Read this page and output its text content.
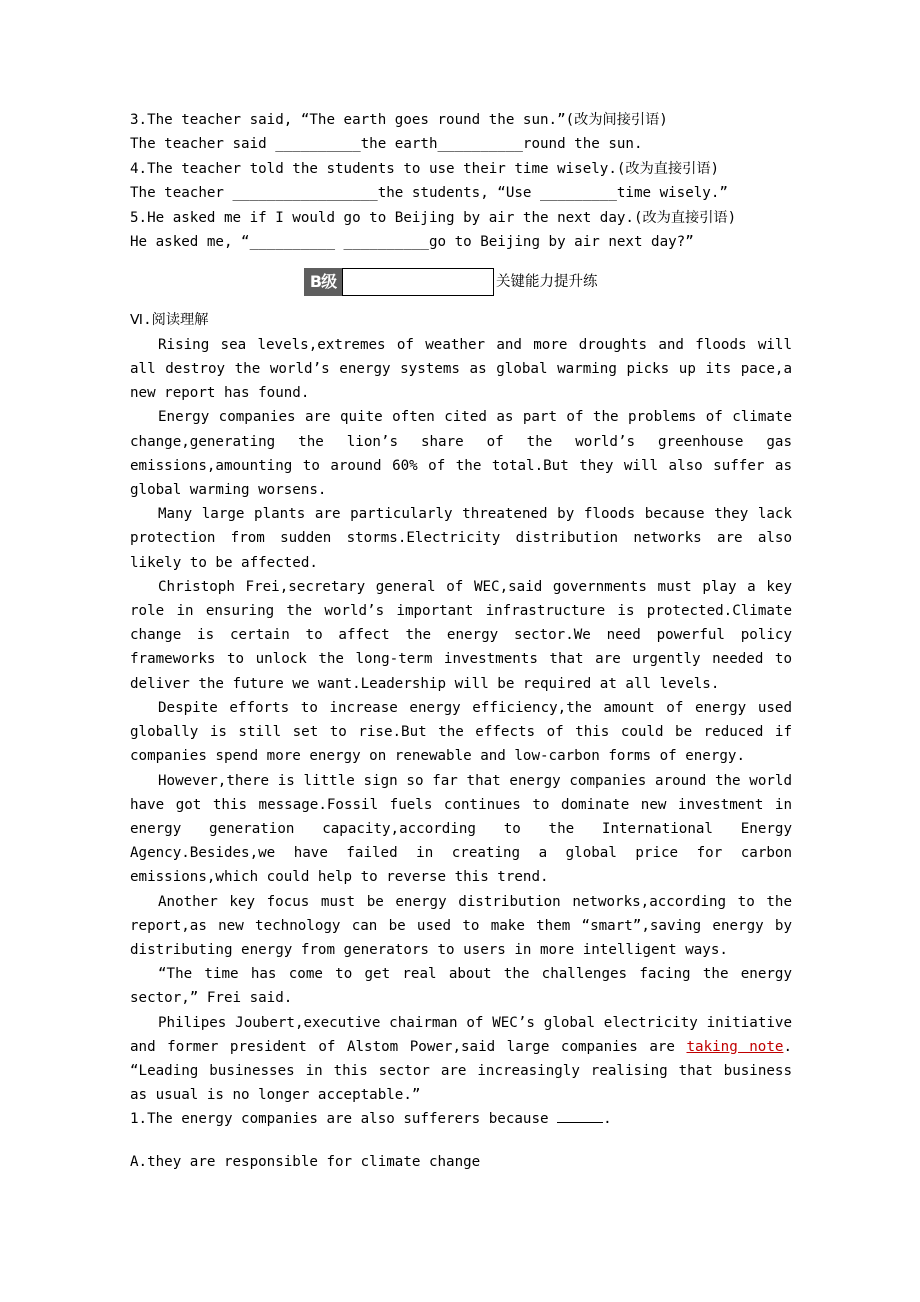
3.The teacher said, “The earth goes round the sun.”(改为间接引语)
The teacher said __________the earth__________round the sun.
4.The teacher told the students to use their time wisely.(改为直接引语)
The teacher _________________the students, “Use _________time wisely.”
5.He asked me if I would go to Beijing by air the next day.(改为直接引语)
He asked me, “__________ __________go to Beijing by air next day?”
B级	关键能力提升练
Ⅵ.阅读理解

Rising sea levels,extremes of weather and more droughts and floods will all destroy the world’s energy systems as global warming picks up its pace,a new report has found.

Energy companies are quite often cited as part of the problems of climate change,generating the lion’s share of the world’s greenhouse gas emissions,amounting to around 60% of the total.But they will also suffer as global warming worsens.

Many large plants are particularly threatened by floods because they lack protection from sudden storms.Electricity distribution networks are also likely to be affected.

Christoph Frei,secretary general of WEC,said governments must play a key role in ensuring the world’s important infrastructure is protected.Climate change is certain to affect the energy sector.We need powerful policy frameworks to unlock the long-term investments that are urgently needed to deliver the future we want.Leadership will be required at all levels.

Despite efforts to increase energy efficiency,the amount of energy used globally is still set to rise.But the effects of this could be reduced if companies spend more energy on renewable and low-carbon forms of energy.

However,there is little sign so far that energy companies around the world have got this message.Fossil fuels continues to dominate new investment in energy generation capacity,according to the International Energy Agency.Besides,we have failed in creating a global price for carbon emissions,which could help to reverse this trend.

Another key focus must be energy distribution networks,according to the report,as new technology can be used to make them “smart”,saving energy by distributing energy from generators to users in more intelligent ways.

“The time has come to get real about the challenges facing the energy sector,” Frei said.

Philipes Joubert,executive chairman of WEC’s global electricity initiative and former president of Alstom Power,said large companies are taking note. “Leading businesses in this sector are increasingly realising that business as usual is no longer acceptable.”

1.The energy companies are also sufferers because	.

A.they are responsible for climate change
